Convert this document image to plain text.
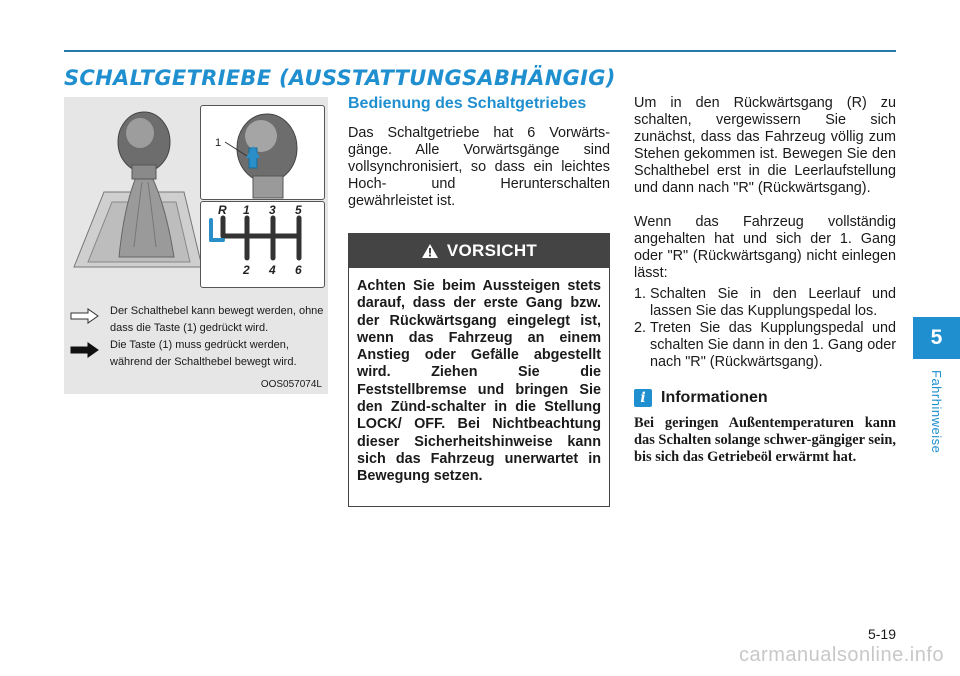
SCHALTGETRIEBE (AUSSTATTUNGSABHÄNGIG)
1
R 1 3 5
2 4 6
Der Schalthebel kann bewegt werden, ohne dass die Taste (1) gedrückt wird.
Die Taste (1) muss gedrückt werden, während der Schalthebel bewegt wird.
OOS057074L
Bedienung des Schaltgetriebes

Das Schaltgetriebe hat 6 Vorwärts-gänge. Alle Vorwärtsgänge sind vollsynchronisiert, so dass ein leichtes Hoch- und Herunterschalten gewährleistet ist.

VORSICHT
Achten Sie beim Aussteigen stets darauf, dass der erste Gang bzw. der Rückwärtsgang eingelegt ist, wenn das Fahrzeug an einem Anstieg oder Gefälle abgestellt wird. Ziehen Sie die Feststellbremse und bringen Sie den Zünd-schalter in die Stellung LOCK/ OFF. Bei Nichtbeachtung dieser Sicherheitshinweise kann sich das Fahrzeug unerwartet in Bewegung setzen.

Um in den Rückwärtsgang (R) zu schalten, vergewissern Sie sich zunächst, dass das Fahrzeug völlig zum Stehen gekommen ist. Bewegen Sie den Schalthebel erst in die Leerlaufstellung und dann nach "R" (Rückwärtsgang).

Wenn das Fahrzeug vollständig angehalten hat und sich der 1. Gang oder "R" (Rückwärtsgang) nicht einlegen lässt:

1. Schalten Sie in den Leerlauf und lassen Sie das Kupplungspedal los.
2. Treten Sie das Kupplungspedal und schalten Sie dann in den 1. Gang oder nach "R" (Rückwärtsgang).
i Informationen

Bei geringen Außentemperaturen kann das Schalten solange schwer-gängiger sein, bis sich das Getriebeöl erwärmt hat.

5
Fahrhinweise
5-19
carmanualsonline.info
